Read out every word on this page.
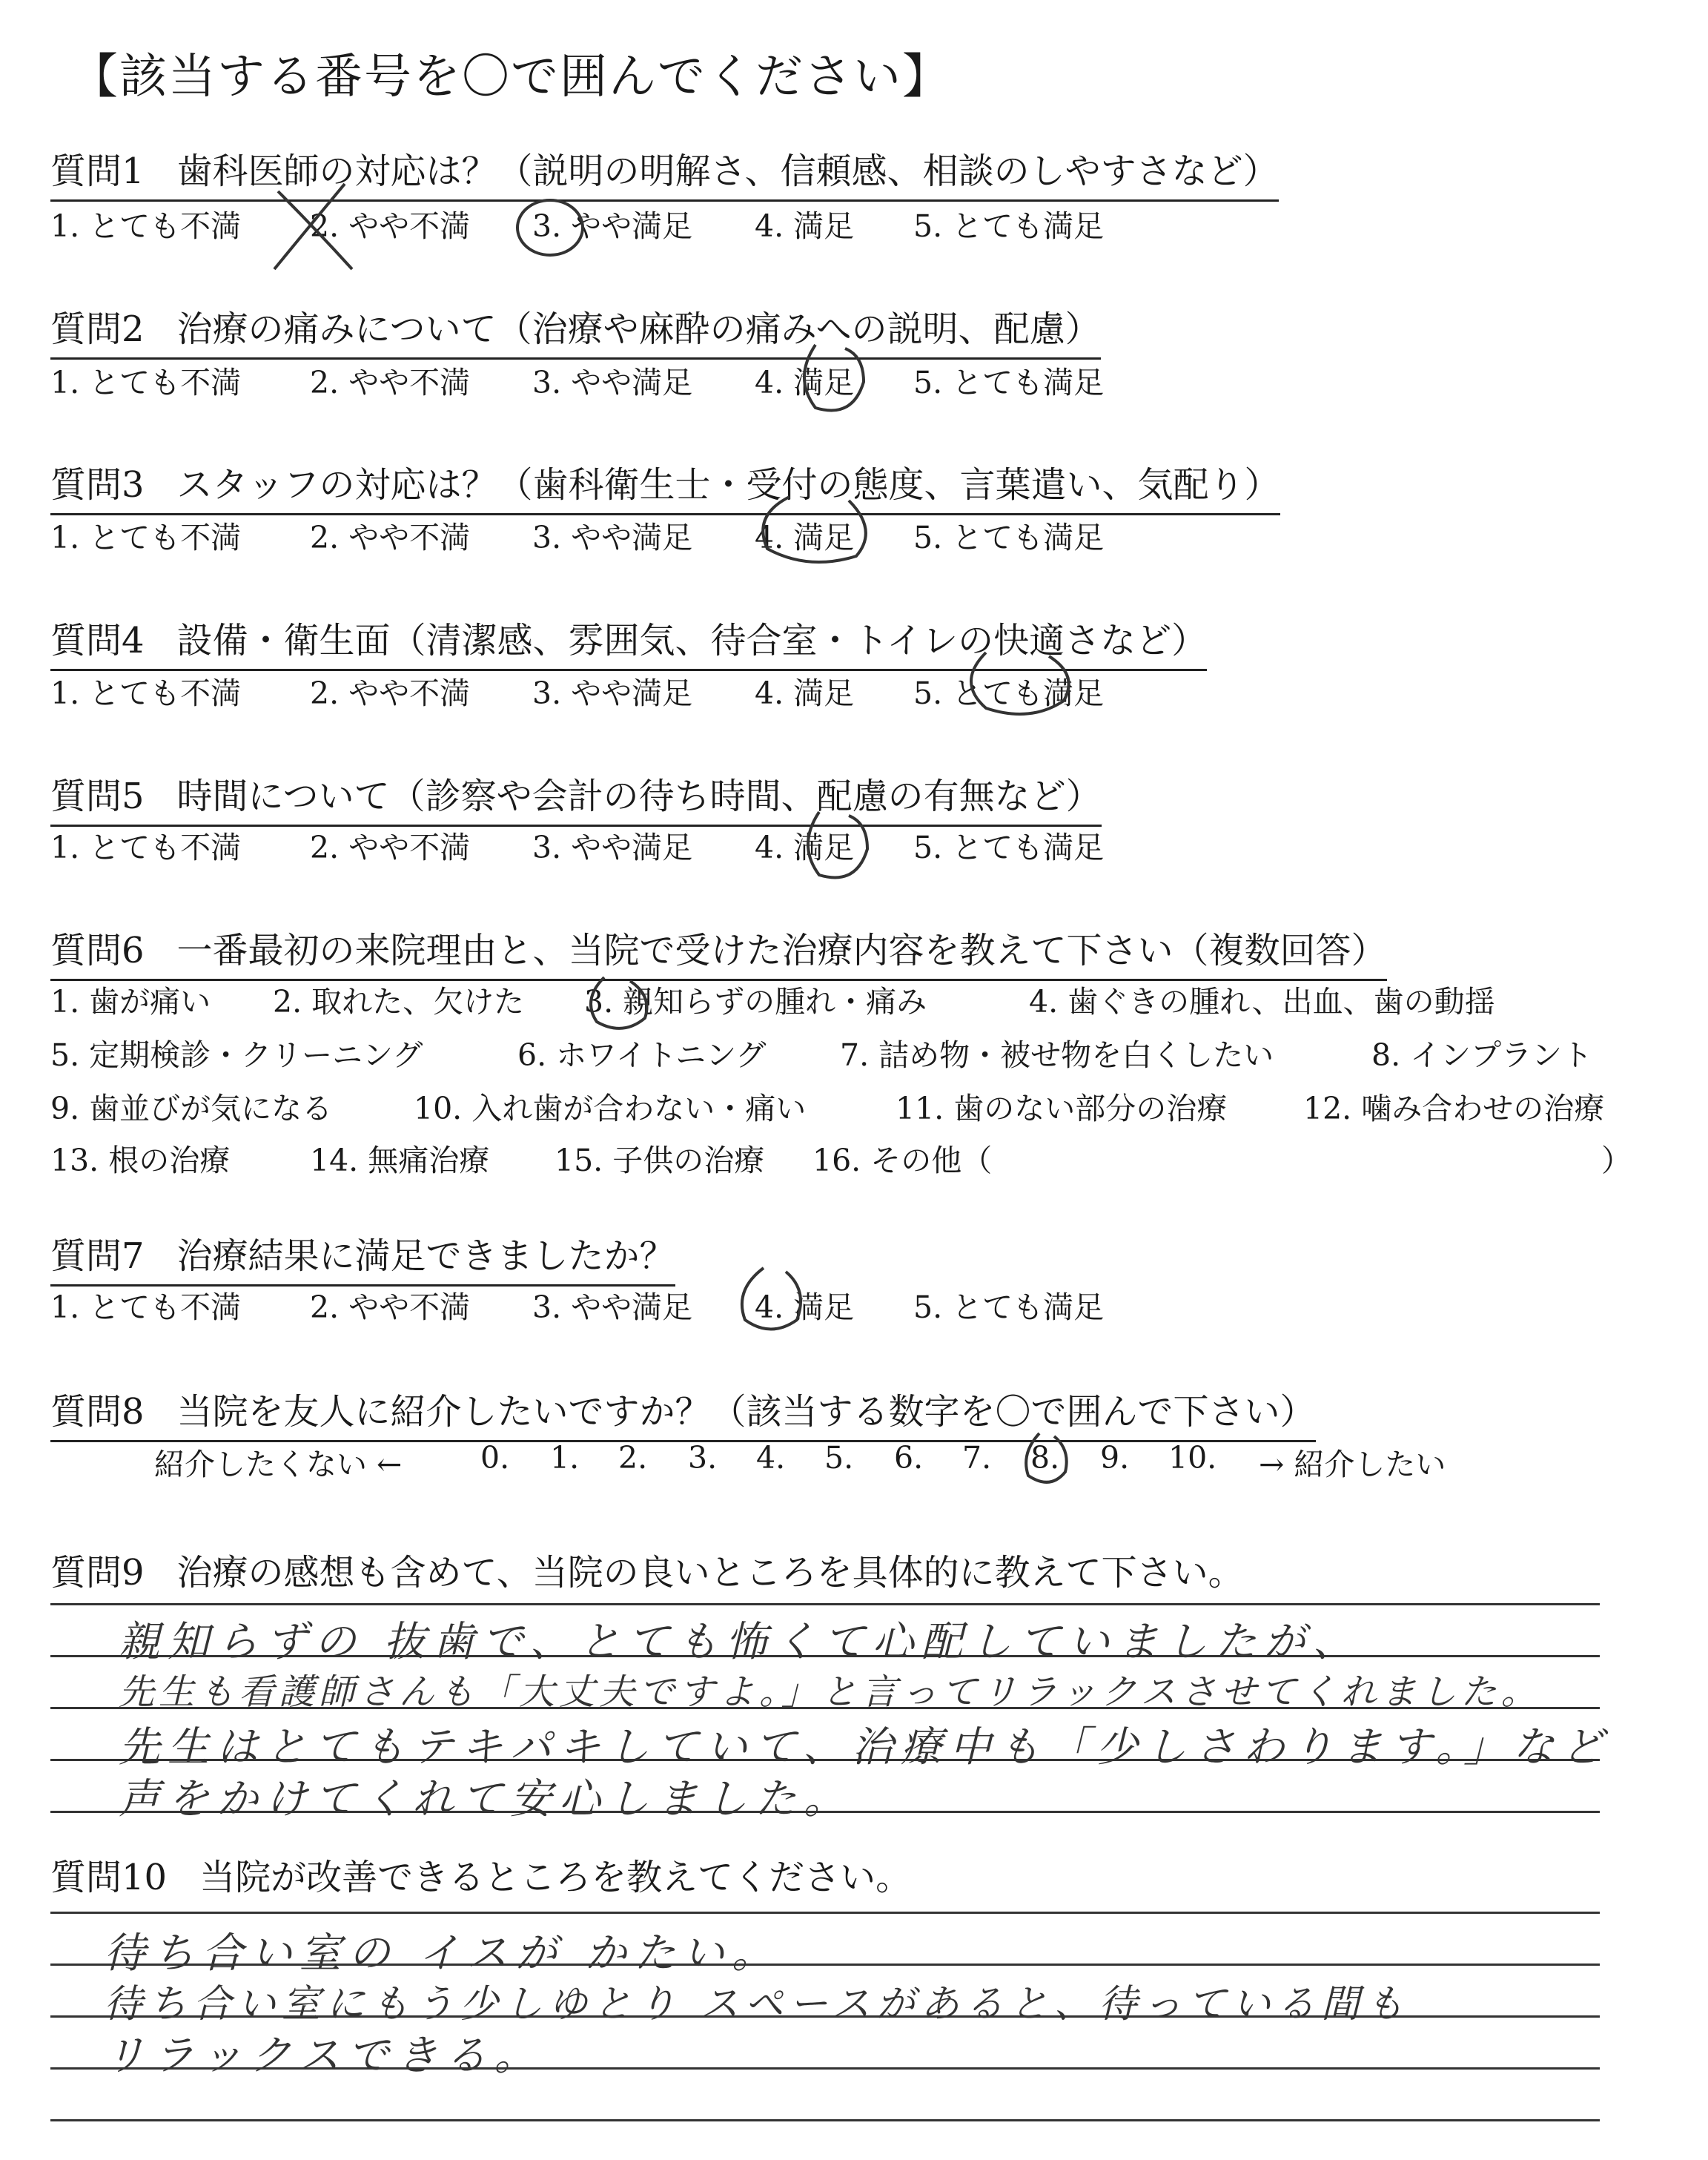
【該当する番号を〇で囲んでください】
質問1 歯科医師の対応は？（説明の明解さ、信頼感、相談のしやすさなど）
1. とても不満 2. やや不満 3. やや満足 4. 満足 5. とても満足
質問2 治療の痛みについて（治療や麻酔の痛みへの説明、配慮）
1. とても不満 2. やや不満 3. やや満足 4. 満足 5. とても満足
質問3 スタッフの対応は？（歯科衛生士・受付の態度、言葉遣い、気配り）
1. とても不満 2. やや不満 3. やや満足 4. 満足 5. とても満足
質問4 設備・衛生面（清潔感、雰囲気、待合室・トイレの快適さなど）
1. とても不満 2. やや不満 3. やや満足 4. 満足 5. とても満足
質問5 時間について（診察や会計の待ち時間、配慮の有無など）
1. とても不満 2. やや不満 3. やや満足 4. 満足 5. とても満足
質問6 一番最初の来院理由と、当院で受けた治療内容を教えて下さい（複数回答）
1. 歯が痛い 2. 取れた、欠けた 3. 親知らずの腫れ・痛み	4. 歯ぐきの腫れ、出血、歯の動揺
5. 定期検診・クリーニング	6. ホワイトニング 7. 詰め物・被せ物を白くしたい	8. インプラント
9. 歯並びが気になる	10. 入れ歯が合わない・痛い	11. 歯のない部分の治療	12. 噛み合わせの治療
13. 根の治療	14. 無痛治療 15. 子供の治療 16. その他（	）
質問7 治療結果に満足できましたか？
1. とても不満 2. やや不満 3. やや満足 4. 満足 5. とても満足
質問8 当院を友人に紹介したいですか？（該当する数字を〇で囲んで下さい）
紹介したくない ←	0. 1. 2. 3. 4. 5. 6. 7. 8. 9. 10. → 紹介したい
質問9 治療の感想も含めて、当院の良いところを具体的に教えて下さい。
親知らずの 抜歯で、とても怖くて心配していましたが、
先生も看護師さんも「大丈夫ですよ。」と言ってリラックスさせてくれました。
先生はとてもテキパキしていて、治療中も「少しさわります。」など
声をかけてくれて安心しました。
質問10 当院が改善できるところを教えてください。
待ち合い室の イスが かたい。
待ち合い室にもう少しゆとり スペースがあると、待っている間も
リラックスできる。
